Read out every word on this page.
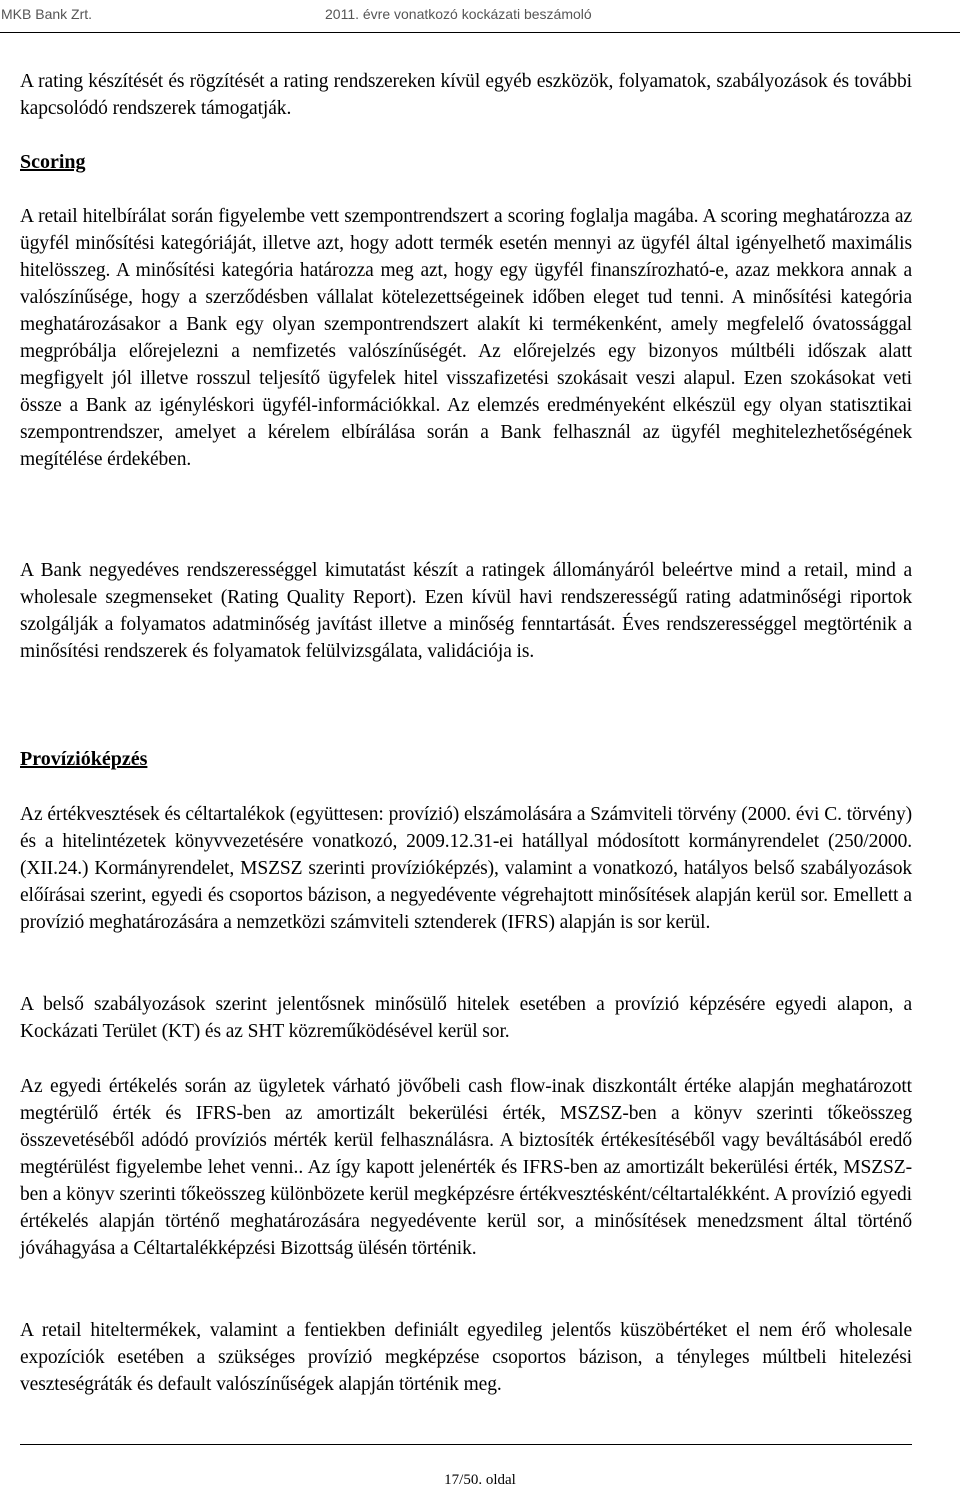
MKB Bank Zrt.	2011. évre vonatkozó kockázati beszámoló

A rating készítését és rögzítését a rating rendszereken kívül egyéb eszközök, folyamatok, szabályozások és további kapcsolódó rendszerek támogatják.

Scoring

A retail hitelbírálat során figyelembe vett szempontrendszert a scoring foglalja magába. A scoring meghatározza az ügyfél minősítési kategóriáját, illetve azt, hogy adott termék esetén mennyi az ügyfél által igényelhető maximális hitelösszeg. A minősítési kategória határozza meg azt, hogy egy ügyfél finanszírozható-e, azaz mekkora annak a valószínűsége, hogy a szerződésben vállalat kötelezettségeinek időben eleget tud tenni. A minősítési kategória meghatározásakor a Bank egy olyan szempontrendszert alakít ki termékenként, amely megfelelő óvatossággal megpróbálja előrejelezni a nemfizetés valószínűségét. Az előrejelzés egy bizonyos múltbéli időszak alatt megfigyelt jól illetve rosszul teljesítő ügyfelek hitel visszafizetési szokásait veszi alapul. Ezen szokásokat veti össze a Bank az igényléskori ügyfél-információkkal. Az elemzés eredményeként elkészül egy olyan statisztikai szempontrendszer, amelyet a kérelem elbírálása során a Bank felhasznál az ügyfél meghitelezhetőségének megítélése érdekében.

A Bank negyedéves rendszerességgel kimutatást készít a ratingek állományáról beleértve mind a retail, mind a wholesale szegmenseket (Rating Quality Report). Ezen kívül havi rendszerességű rating adatminőségi riportok szolgálják a folyamatos adatminőség javítást illetve a minőség fenntartását. Éves rendszerességgel megtörténik a minősítési rendszerek és folyamatok felülvizsgálata, validációja is.

Provízióképzés

Az értékvesztések és céltartalékok (együttesen: provízió) elszámolására a Számviteli törvény (2000. évi C. törvény) és a hitelintézetek könyvvezetésére vonatkozó, 2009.12.31-ei hatállyal módosított kormányrendelet (250/2000. (XII.24.) Kormányrendelet, MSZSZ szerinti provízióképzés), valamint a vonatkozó, hatályos belső szabályozások előírásai szerint, egyedi és csoportos bázison, a negyedévente végrehajtott minősítések alapján kerül sor. Emellett a provízió meghatározására a nemzetközi számviteli sztenderek (IFRS) alapján is sor kerül.

A belső szabályozások szerint jelentősnek minősülő hitelek esetében a provízió képzésére egyedi alapon, a Kockázati Terület (KT) és az SHT közreműködésével kerül sor.

Az egyedi értékelés során az ügyletek várható jövőbeli cash flow-inak diszkontált értéke alapján meghatározott megtérülő érték és IFRS-ben az amortizált bekerülési érték, MSZSZ-ben a könyv szerinti tőkeösszeg összevetéséből adódó províziós mérték kerül felhasználásra. A biztosíték értékesítéséből vagy beváltásából eredő megtérülést figyelembe lehet venni.. Az így kapott jelenérték és IFRS-ben az amortizált bekerülési érték, MSZSZ-ben a könyv szerinti tőkeösszeg különbözete kerül megképzésre értékvesztésként/céltartalékként. A provízió egyedi értékelés alapján történő meghatározására negyedévente kerül sor, a minősítések menedzsment által történő jóváhagyása a Céltartalékképzési Bizottság ülésén történik.

A retail hiteltermékek, valamint a fentiekben definiált egyedileg jelentős küszöbértéket el nem érő wholesale expozíciók esetében a szükséges provízió megképzése csoportos bázison, a tényleges múltbeli hitelezési veszteségráták és default valószínűségek alapján történik meg.

17/50. oldal
